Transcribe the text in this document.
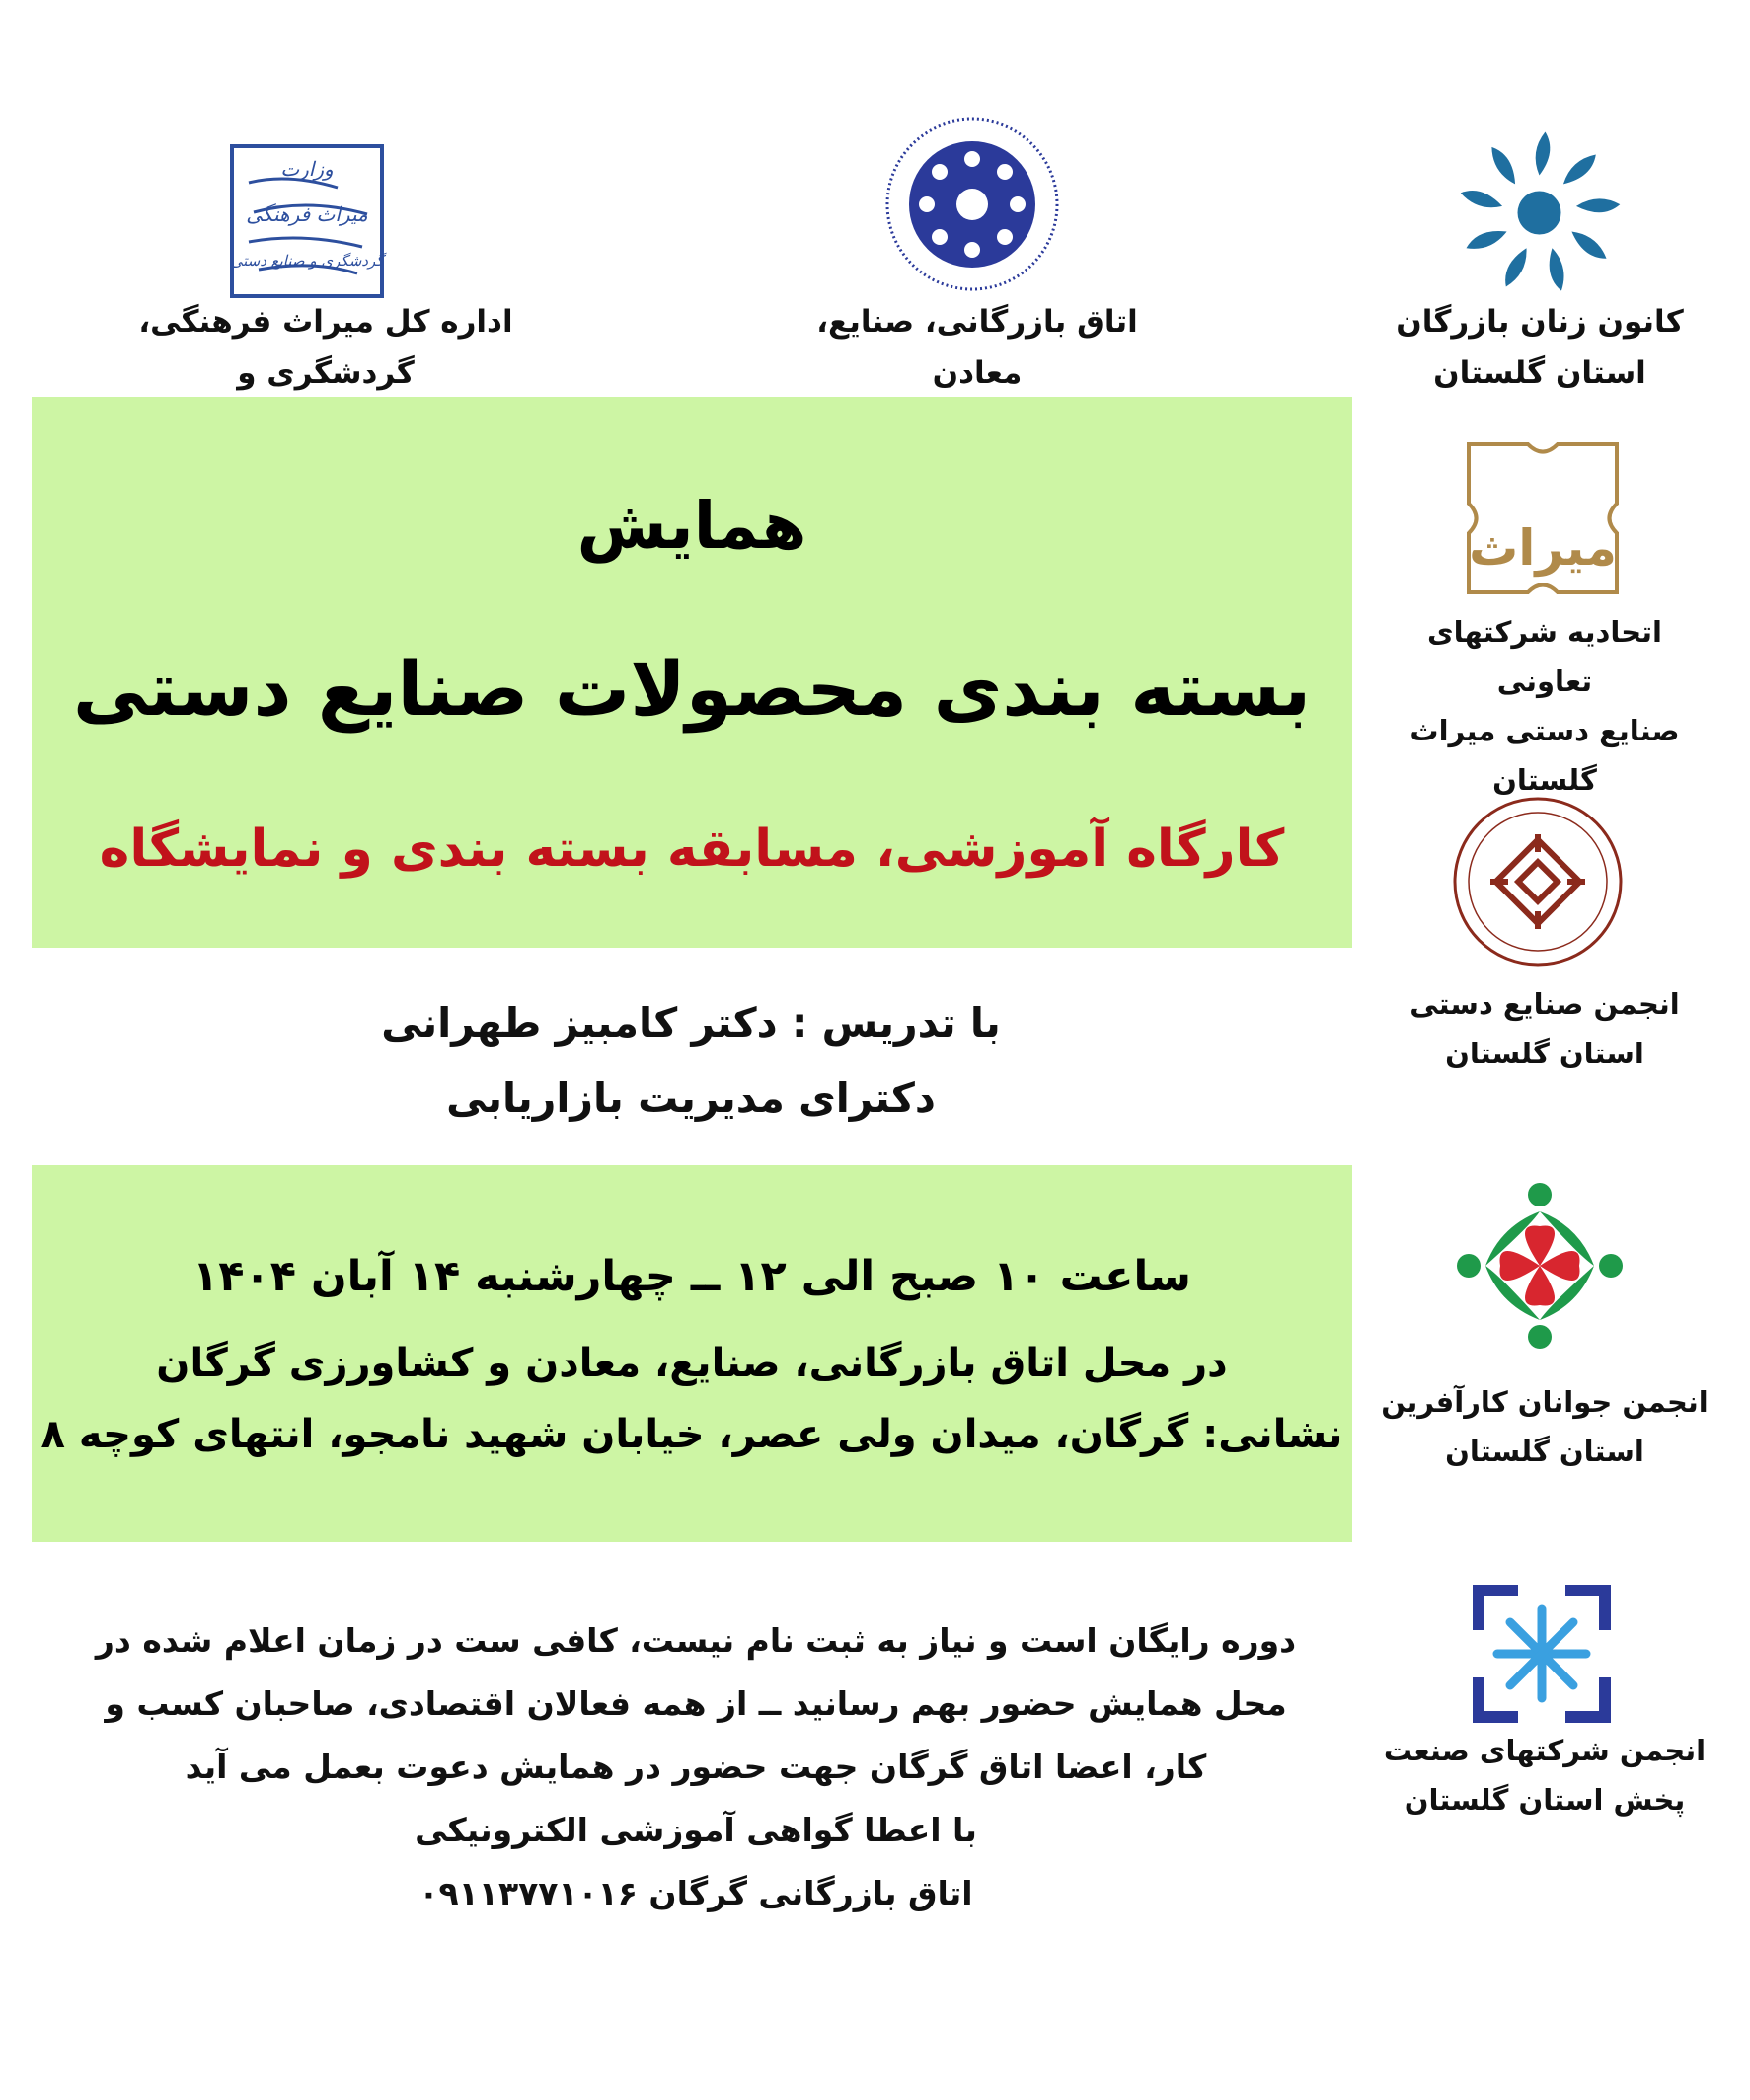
وزارت
میراث فرهنگی
گردشگری و صنایع دستی
اداره کل میراث فرهنگی، گردشگری و
اتاق بازرگانی، صنایع، معادن
کانون زنان بازرگان
استان گلستان
همایش
بسته بندی محصولات صنایع دستی
کارگاه آموزشی، مسابقه بسته بندی و نمایشگاه
با تدریس : دکتر کامبیز طهرانی
دکترای مدیریت بازاریابی
ساعت ۱۰ صبح الی ۱۲ ــ چهارشنبه ۱۴ آبان ۱۴۰۴
در محل اتاق بازرگانی، صنایع، معادن و کشاورزی گرگان
نشانی: گرگان، میدان ولی عصر، خیابان شهید نامجو، انتهای کوچه ۸
دوره رایگان است و نیاز به ثبت نام نیست، کافی ست در زمان اعلام شده در
محل همایش حضور بهم رسانید ــ از همه فعالان اقتصادی، صاحبان کسب و
کار، اعضا اتاق گرگان جهت حضور در همایش دعوت بعمل می آید
با اعطا گواهی آموزشی الکترونیکی
اتاق بازرگانی گرگان ۰۹۱۱۳۷۷۱۰۱۶
میراث
اتحادیه شرکتهای تعاونی
صنایع دستی میراث
گلستان
انجمن صنایع دستی
استان گلستان
انجمن جوانان کارآفرین
استان گلستان
انجمن شرکتهای صنعت
پخش استان گلستان
